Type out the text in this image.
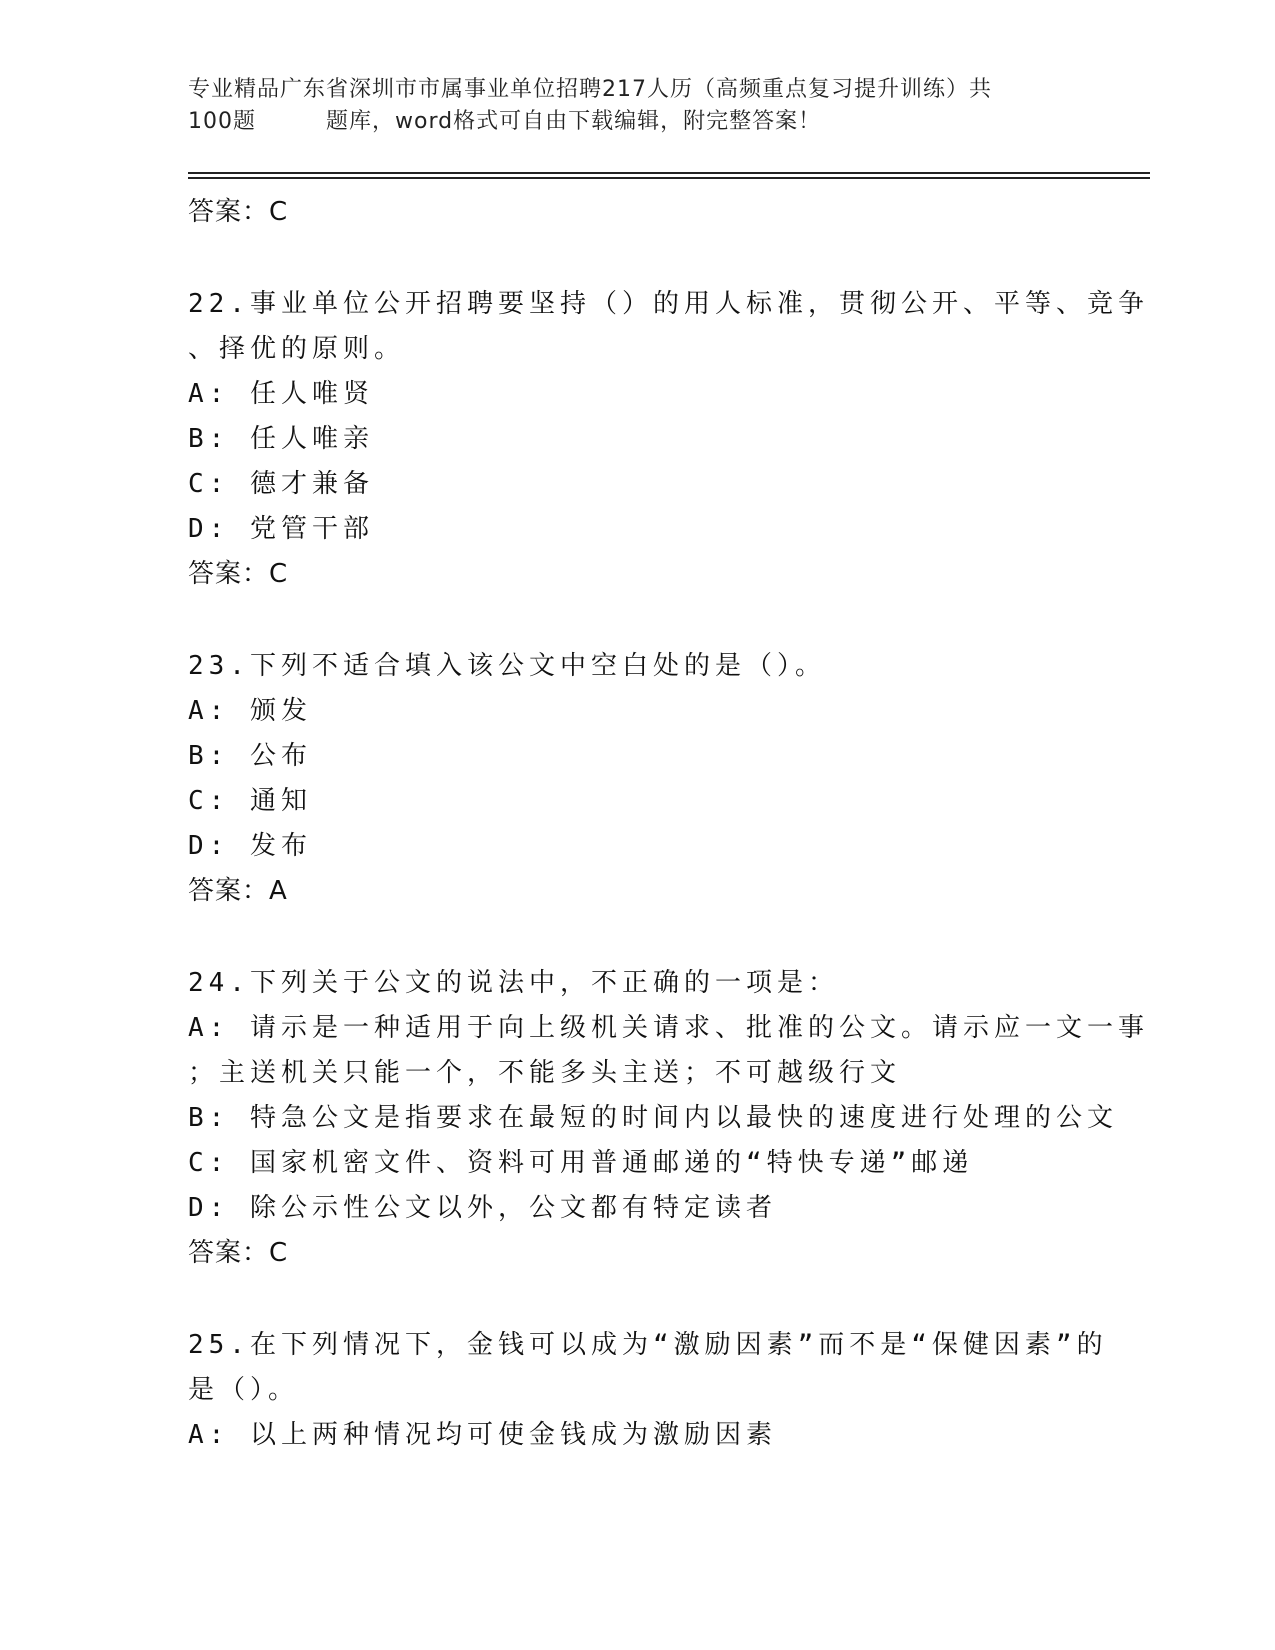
专业精品广东省深圳市市属事业单位招聘217人历（高频重点复习提升训练）共
100题	题库，word格式可自由下载编辑，附完整答案！
答案：C
22.事业单位公开招聘要坚持（）的用人标准，贯彻公开、平等、竞争
、择优的原则。
A: 任人唯贤
B: 任人唯亲
C: 德才兼备
D: 党管干部
答案：C
23.下列不适合填入该公文中空白处的是（）。
A: 颁发
B: 公布
C: 通知
D: 发布
答案：A
24.下列关于公文的说法中，不正确的一项是：
A: 请示是一种适用于向上级机关请求、批准的公文。请示应一文一事
；主送机关只能一个，不能多头主送；不可越级行文
B: 特急公文是指要求在最短的时间内以最快的速度进行处理的公文
C: 国家机密文件、资料可用普通邮递的“特快专递”邮递
D: 除公示性公文以外，公文都有特定读者
答案：C
25.在下列情况下，金钱可以成为“激励因素”而不是“保健因素”的
是（）。
A: 以上两种情况均可使金钱成为激励因素
